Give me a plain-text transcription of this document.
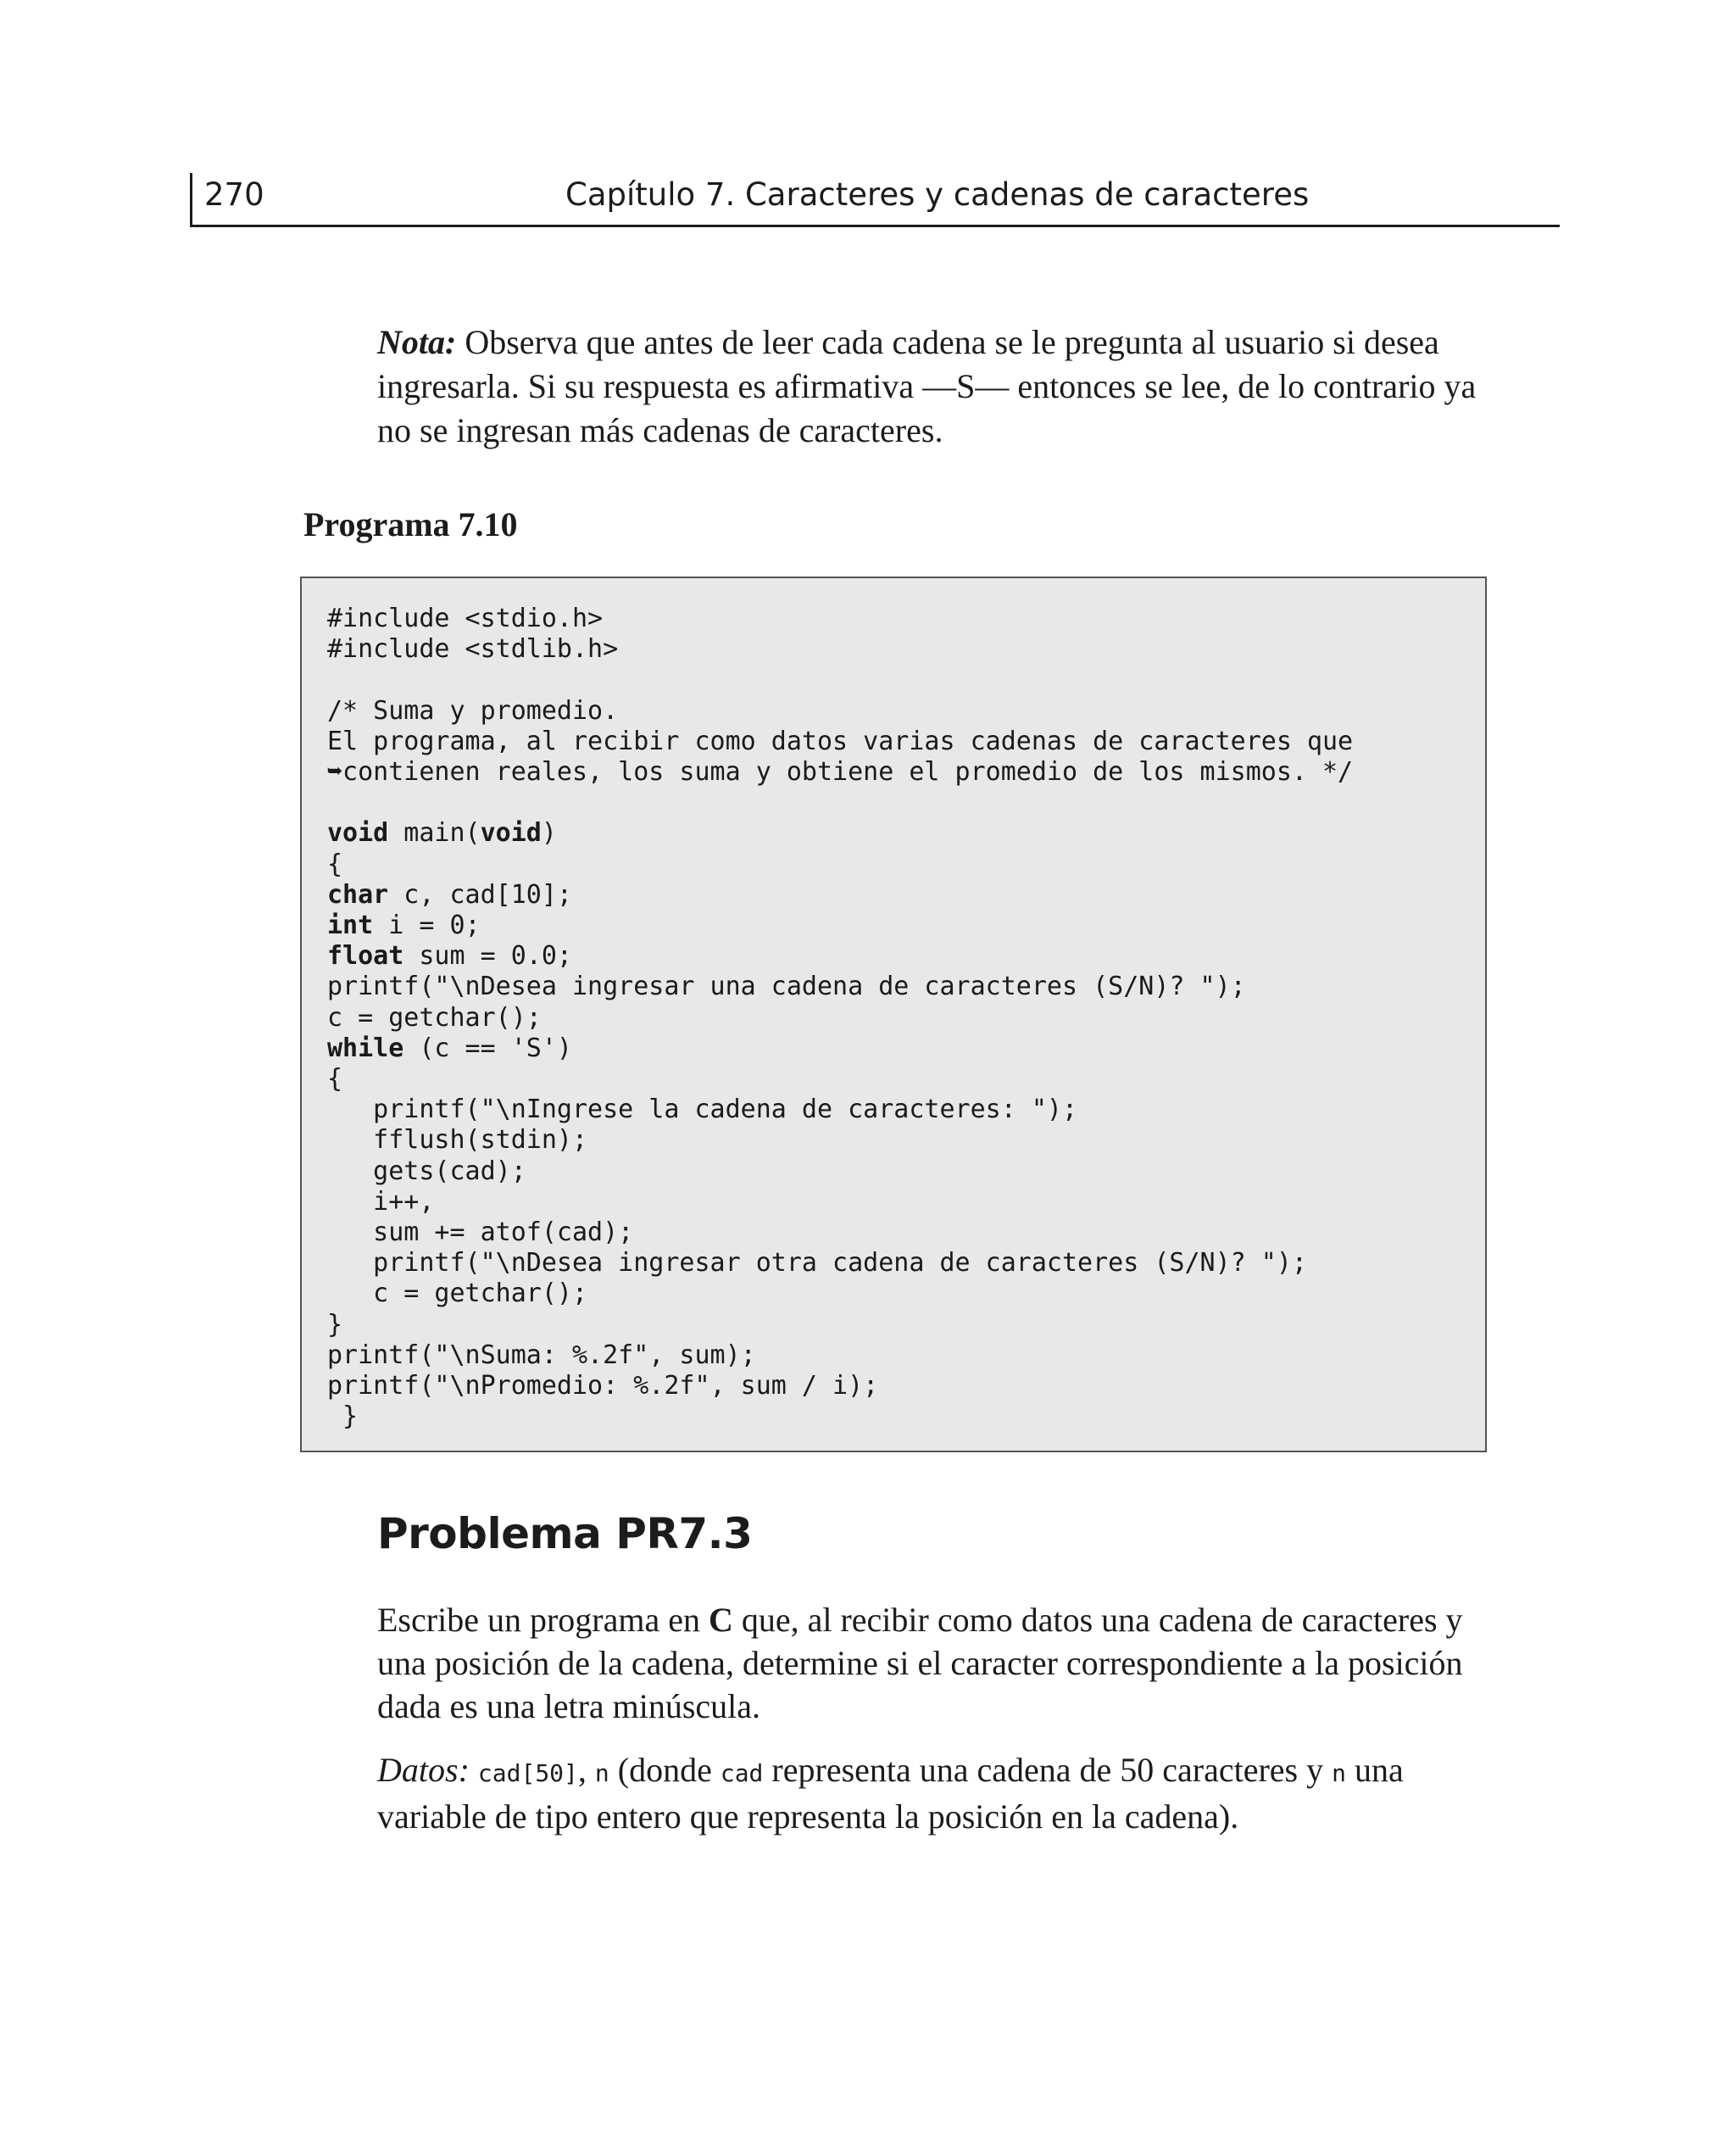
270	Capítulo 7. Caracteres y cadenas de caracteres

Nota: Observa que antes de leer cada cadena se le pregunta al usuario si desea ingresarla. Si su respuesta es afirmativa —S— entonces se lee, de lo contrario ya no se ingresan más cadenas de caracteres.

Programa 7.10
#include <stdio.h>
#include <stdlib.h>
/* Suma y promedio.
El programa, al recibir como datos varias cadenas de caracteres que
➥contienen reales, los suma y obtiene el promedio de los mismos. */
void main(void)
{
char c, cad[10];
int i = 0;
float sum = 0.0;
printf("\nDesea ingresar una cadena de caracteres (S/N)? ");
c = getchar();
while (c == 'S')
{
printf("\nIngrese la cadena de caracteres: ");
fflush(stdin);
gets(cad);
i++,
sum += atof(cad);
printf("\nDesea ingresar otra cadena de caracteres (S/N)? ");
c = getchar();
}
printf("\nSuma: %.2f", sum);
printf("\nPromedio: %.2f", sum / i);
}
Problema PR7.3

Escribe un programa en C que, al recibir como datos una cadena de caracteres y una posición de la cadena, determine si el caracter correspondiente a la posición dada es una letra minúscula.

Datos: cad[50], n (donde cad representa una cadena de 50 caracteres y n una variable de tipo entero que representa la posición en la cadena).
